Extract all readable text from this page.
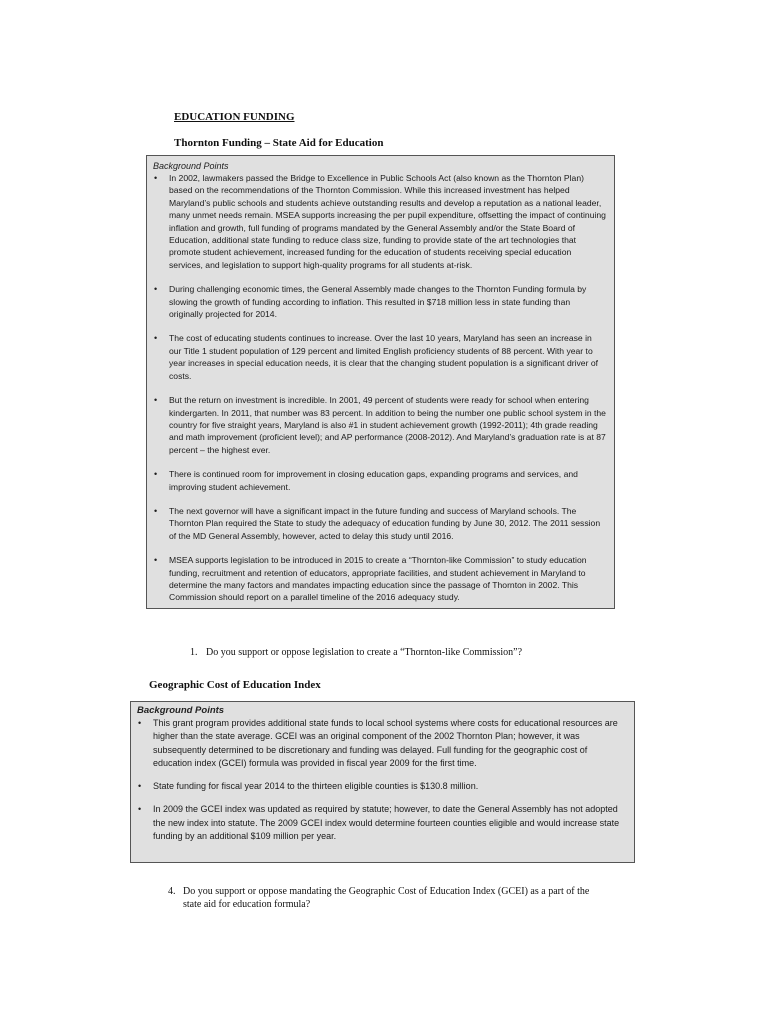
EDUCATION FUNDING
Thornton Funding – State Aid for Education
Background Points
• In 2002, lawmakers passed the Bridge to Excellence in Public Schools Act (also known as the Thornton Plan) based on the recommendations of the Thornton Commission. While this increased investment has helped Maryland’s public schools and students achieve outstanding results and develop a reputation as a national leader, many unmet needs remain. MSEA supports increasing the per pupil expenditure, offsetting the impact of continuing inflation and growth, full funding of programs mandated by the General Assembly and/or the State Board of Education, additional state funding to reduce class size, funding to provide state of the art technologies that promote student achievement, increased funding for the education of students receiving special education services, and legislation to support high-quality programs for all students at-risk.
• During challenging economic times, the General Assembly made changes to the Thornton Funding formula by slowing the growth of funding according to inflation. This resulted in $718 million less in state funding than originally projected for 2014.
• The cost of educating students continues to increase. Over the last 10 years, Maryland has seen an increase in our Title 1 student population of 129 percent and limited English proficiency students of 88 percent. With year to year increases in special education needs, it is clear that the changing student population is a significant driver of costs.
• But the return on investment is incredible. In 2001, 49 percent of students were ready for school when entering kindergarten. In 2011, that number was 83 percent. In addition to being the number one public school system in the country for five straight years, Maryland is also #1 in student achievement growth (1992-2011); 4th grade reading and math improvement (proficient level); and AP performance (2008-2012). And Maryland’s graduation rate is at 87 percent – the highest ever.
• There is continued room for improvement in closing education gaps, expanding programs and services, and improving student achievement.
• The next governor will have a significant impact in the future funding and success of Maryland schools. The Thornton Plan required the State to study the adequacy of education funding by June 30, 2012. The 2011 session of the MD General Assembly, however, acted to delay this study until 2016.
• MSEA supports legislation to be introduced in 2015 to create a “Thornton-like Commission” to study education funding, recruitment and retention of educators, appropriate facilities, and student achievement in Maryland to determine the many factors and mandates impacting education since the passage of Thornton in 2002. This Commission should report on a parallel timeline of the 2016 adequacy study.
1. Do you support or oppose legislation to create a “Thornton-like Commission”?
Geographic Cost of Education Index
Background Points
• This grant program provides additional state funds to local school systems where costs for educational resources are higher than the state average. GCEI was an original component of the 2002 Thornton Plan; however, it was subsequently determined to be discretionary and funding was delayed. Full funding for the geographic cost of education index (GCEI) formula was provided in fiscal year 2009 for the first time.
• State funding for fiscal year 2014 to the thirteen eligible counties is $130.8 million.
• In 2009 the GCEI index was updated as required by statute; however, to date the General Assembly has not adopted the new index into statute. The 2009 GCEI index would determine fourteen counties eligible and would increase state funding by an additional $109 million per year.
4. Do you support or oppose mandating the Geographic Cost of Education Index (GCEI) as a part of the state aid for education formula?
